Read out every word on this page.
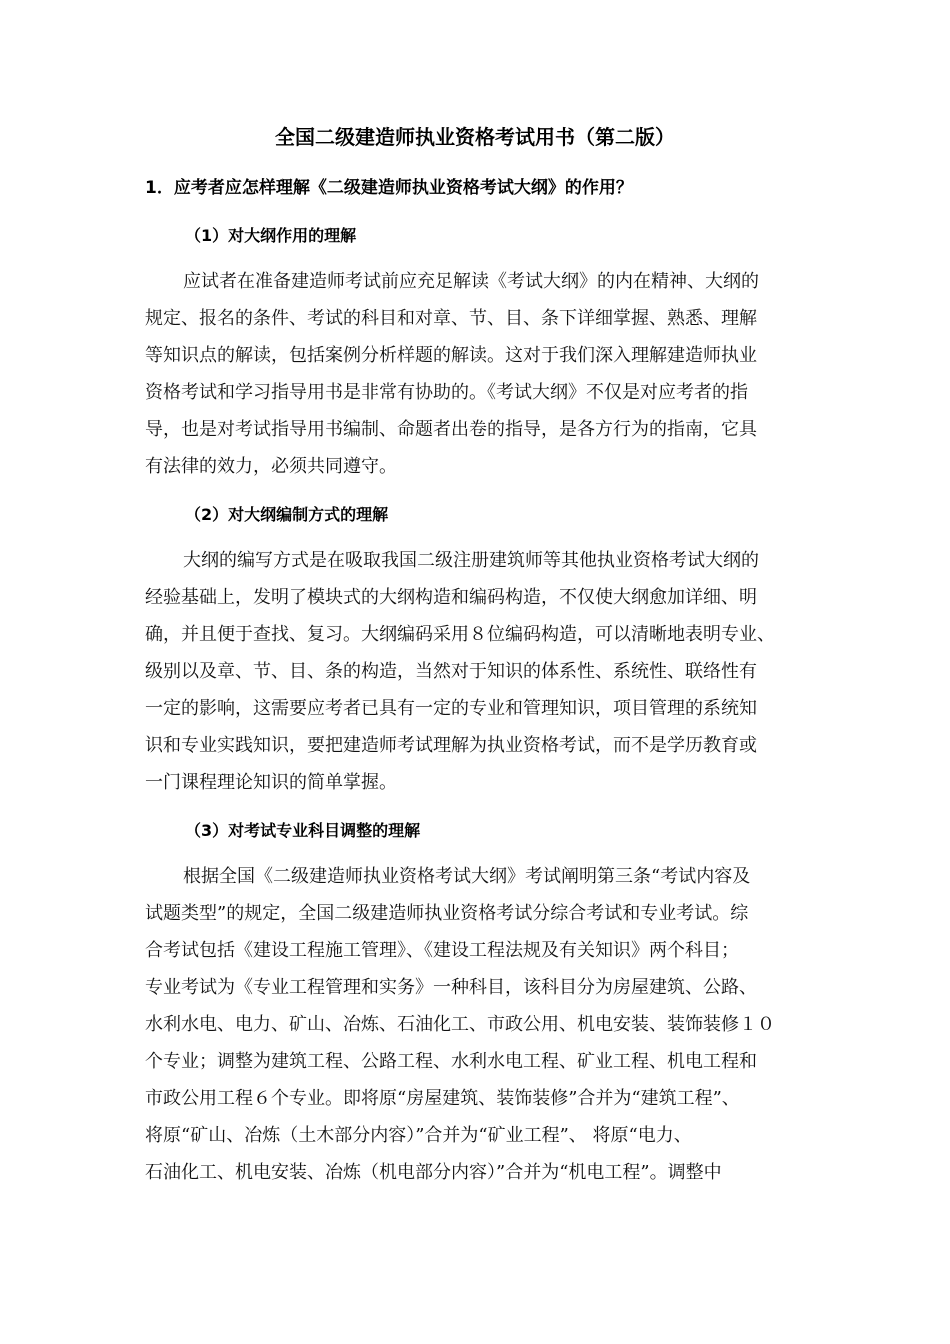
全国二级建造师执业资格考试用书（第二版）
1．应考者应怎样理解《二级建造师执业资格考试大纲》的作用？
（1）对大纲作用的理解
应试者在准备建造师考试前应充足解读《考试大纲》的内在精神、大纲的
规定、报名的条件、考试的科目和对章、节、目、条下详细掌握、熟悉、理解
等知识点的解读，包括案例分析样题的解读。这对于我们深入理解建造师执业
资格考试和学习指导用书是非常有协助的。《考试大纲》不仅是对应考者的指
导，也是对考试指导用书编制、命题者出卷的指导，是各方行为的指南，它具
有法律的效力，必须共同遵守。
（2）对大纲编制方式的理解
大纲的编写方式是在吸取我国二级注册建筑师等其他执业资格考试大纲的
经验基础上，发明了模块式的大纲构造和编码构造，不仅使大纲愈加详细、明
确，并且便于查找、复习。大纲编码采用８位编码构造，可以清晰地表明专业、
级别以及章、节、目、条的构造，当然对于知识的体系性、系统性、联络性有
一定的影响，这需要应考者已具有一定的专业和管理知识，项目管理的系统知
识和专业实践知识，要把建造师考试理解为执业资格考试，而不是学历教育或
一门课程理论知识的简单掌握。
（3）对考试专业科目调整的理解
根据全国《二级建造师执业资格考试大纲》考试阐明第三条“考试内容及
试题类型”的规定，全国二级建造师执业资格考试分综合考试和专业考试。综
合考试包括《建设工程施工管理》、《建设工程法规及有关知识》两个科目；
专业考试为《专业工程管理和实务》一种科目，该科目分为房屋建筑、公路、
水利水电、电力、矿山、冶炼、石油化工、市政公用、机电安装、装饰装修１０
个专业；调整为建筑工程、公路工程、水利水电工程、矿业工程、机电工程和
市政公用工程６个专业。即将原“房屋建筑、装饰装修”合并为“建筑工程”、
将原“矿山、冶炼（土木部分内容）”合并为“矿业工程”、 将原“电力、
石油化工、机电安装、冶炼（机电部分内容）”合并为“机电工程”。调整中
